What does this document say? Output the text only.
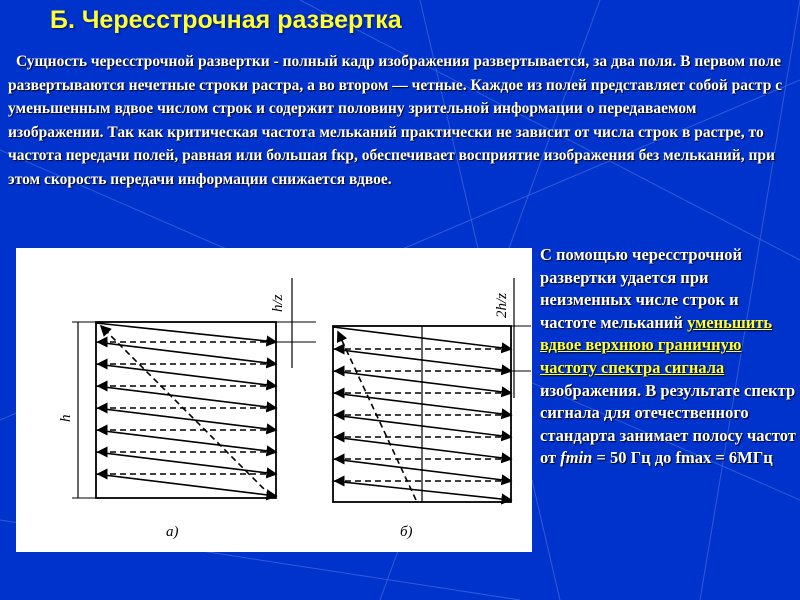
Б. Чересстрочная развертка
Сущность чересстрочной развертки - полный кадр изображения развертывается, за два поля. В первом поле развертываются нечетные строки растра, а во втором — четные. Каждое из полей представляет собой растр с уменьшенным вдвое числом строк и содержит половину зрительной информации о передаваемом изображении. Так как критическая частота мельканий практически не зависит от числа строк в растре, то частота передачи полей, равная или большая fкр, обеспечивает восприятие изображения без мельканий, при этом скорость передачи информации снижается вдвое.
а)	б)
h
h/z	2h/z
С помощью чересстрочной развертки удается при неизменных числе строк и частоте мельканий уменьшить вдвое верхнюю граничную частоту спектра сигнала изображения. В результате спектр сигнала для отечественного стандарта занимает полосу частот от fmin = 50 Гц до fmax = 6МГц
